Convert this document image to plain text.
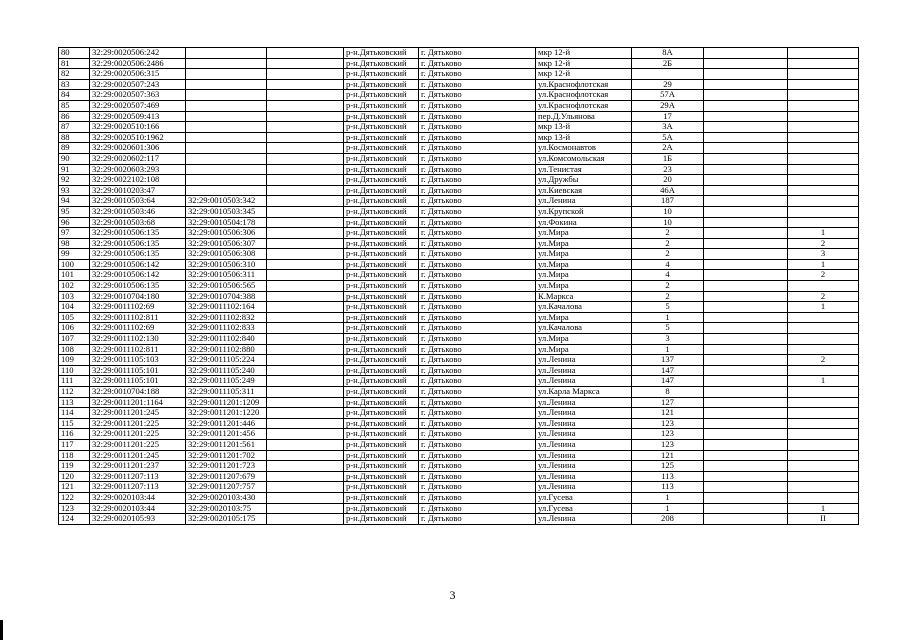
80	32:29:0020506:242			р-н.Дятьковский	г. Дятьково	мкр 12-й	8А		
81	32:29:0020506:2486			р-н.Дятьковский	г. Дятьково	мкр 12-й	2Б		
82	32:29:0020506:315			р-н.Дятьковский	г. Дятьково	мкр 12-й			
83	32:29:0020507:243			р-н.Дятьковский	г. Дятьково	ул.Краснофлотская	29		
84	32:29:0020507:363			р-н.Дятьковский	г. Дятьково	ул.Краснофлотская	57А		
85	32:29:0020507:469			р-н.Дятьковский	г. Дятьково	ул.Краснофлотская	29А		
86	32:29:0020509:413			р-н.Дятьковский	г. Дятьково	пер.Д.Ульянова	17		
87	32:29:0020510:166			р-н.Дятьковский	г. Дятьково	мкр 13-й	3А		
88	32:29:0020510:1962			р-н.Дятьковский	г. Дятьково	мкр 13-й	5А		
89	32:29:0020601:306			р-н.Дятьковский	г. Дятьково	ул.Космонавтов	2А		
90	32:29:0020602:117			р-н.Дятьковский	г. Дятьково	ул.Комсомольская	1Б		
91	32:29:0020603:293			р-н.Дятьковский	г. Дятьково	ул.Тенистая	23		
92	32:29:0022102:108			р-н.Дятьковский	г. Дятьково	ул.Дружбы	20		
93	32:29:0010203:47			р-н.Дятьковский	г. Дятьково	ул.Киевская	46А		
94	32:29:0010503:64	32:29:0010503:342		р-н.Дятьковский	г. Дятьково	ул.Ленина	187		
95	32:29:0010503:46	32:29:0010503:345		р-н.Дятьковский	г. Дятьково	ул.Крупской	10		
96	32:29:0010503:68	32:29:0010504:178		р-н.Дятьковский	г. Дятьково	ул.Фокина	10		
97	32:29:0010506:135	32:29:0010506:306		р-н.Дятьковский	г. Дятьково	ул.Мира	2		1
98	32:29:0010506:135	32:29:0010506:307		р-н.Дятьковский	г. Дятьково	ул.Мира	2		2
99	32:29:0010506:135	32:29:0010506:308		р-н.Дятьковский	г. Дятьково	ул.Мира	2		3
100	32:29:0010506:142	32:29:0010506:310		р-н.Дятьковский	г. Дятьково	ул.Мира	4		1
101	32:29:0010506:142	32:29:0010506:311		р-н.Дятьковский	г. Дятьково	ул.Мира	4		2
102	32:29:0010506:135	32:29:0010506:565		р-н.Дятьковский	г. Дятьково	ул.Мира	2		
103	32:29:0010704:180	32:29:0010704:388		р-н.Дятьковский	г. Дятьково	К.Маркса	2		2
104	32:29:0011102:69	32:29:0011102:164		р-н.Дятьковский	г. Дятьково	ул.Качалова	5		1
105	32:29:0011102:811	32:29:0011102:832		р-н.Дятьковский	г. Дятьково	ул.Мира	1		
106	32:29:0011102:69	32:29:0011102:833		р-н.Дятьковский	г. Дятьково	ул.Качалова	5		
107	32:29:0011102:130	32:29:0011102:840		р-н.Дятьковский	г. Дятьково	ул.Мира	3		
108	32:29:0011102:811	32:29:0011102:880		р-н.Дятьковский	г. Дятьково	ул.Мира	1		
109	32:29:0011105:103	32:29:0011105:224		р-н.Дятьковский	г. Дятьково	ул.Ленина	137		2
110	32:29:0011105:101	32:29:0011105:240		р-н.Дятьковский	г. Дятьково	ул.Ленина	147		
111	32:29:0011105:101	32:29:0011105:249		р-н.Дятьковский	г. Дятьково	ул.Ленина	147		1
112	32:29:0010704:188	32:29:0011105:311		р-н.Дятьковский	г. Дятьково	ул.Карла Маркса	8		
113	32:29:0011201:1164	32:29:0011201:1209		р-н.Дятьковский	г. Дятьково	ул.Ленина	127		
114	32:29:0011201:245	32:29:0011201:1220		р-н.Дятьковский	г. Дятьково	ул.Ленина	121		
115	32:29:0011201:225	32:29:0011201:446		р-н.Дятьковский	г. Дятьково	ул.Ленина	123		
116	32:29:0011201:225	32:29:0011201:456		р-н.Дятьковский	г. Дятьково	ул.Ленина	123		
117	32:29:0011201:225	32:29:0011201:561		р-н.Дятьковский	г. Дятьково	ул.Ленина	123		
118	32:29:0011201:245	32:29:0011201:702		р-н.Дятьковский	г. Дятьково	ул.Ленина	121		
119	32:29:0011201:237	32:29:0011201:723		р-н.Дятьковский	г. Дятьково	ул.Ленина	125		
120	32:29:0011207:113	32:29:0011207:679		р-н.Дятьковский	г. Дятьково	ул.Ленина	113		
121	32:29:0011207:113	32:29:0011207:757		р-н.Дятьковский	г. Дятьково	ул.Ленина	113		
122	32:29:0020103:44	32:29:0020103:430		р-н.Дятьковский	г. Дятьково	ул.Гусева	1		
123	32:29:0020103:44	32:29:0020103:75		р-н.Дятьковский	г. Дятьково	ул.Гусева	1		1
124	32:29:0020105:93	32:29:0020105:175		р-н.Дятьковский	г. Дятьково	ул.Ленина	208		II
3
